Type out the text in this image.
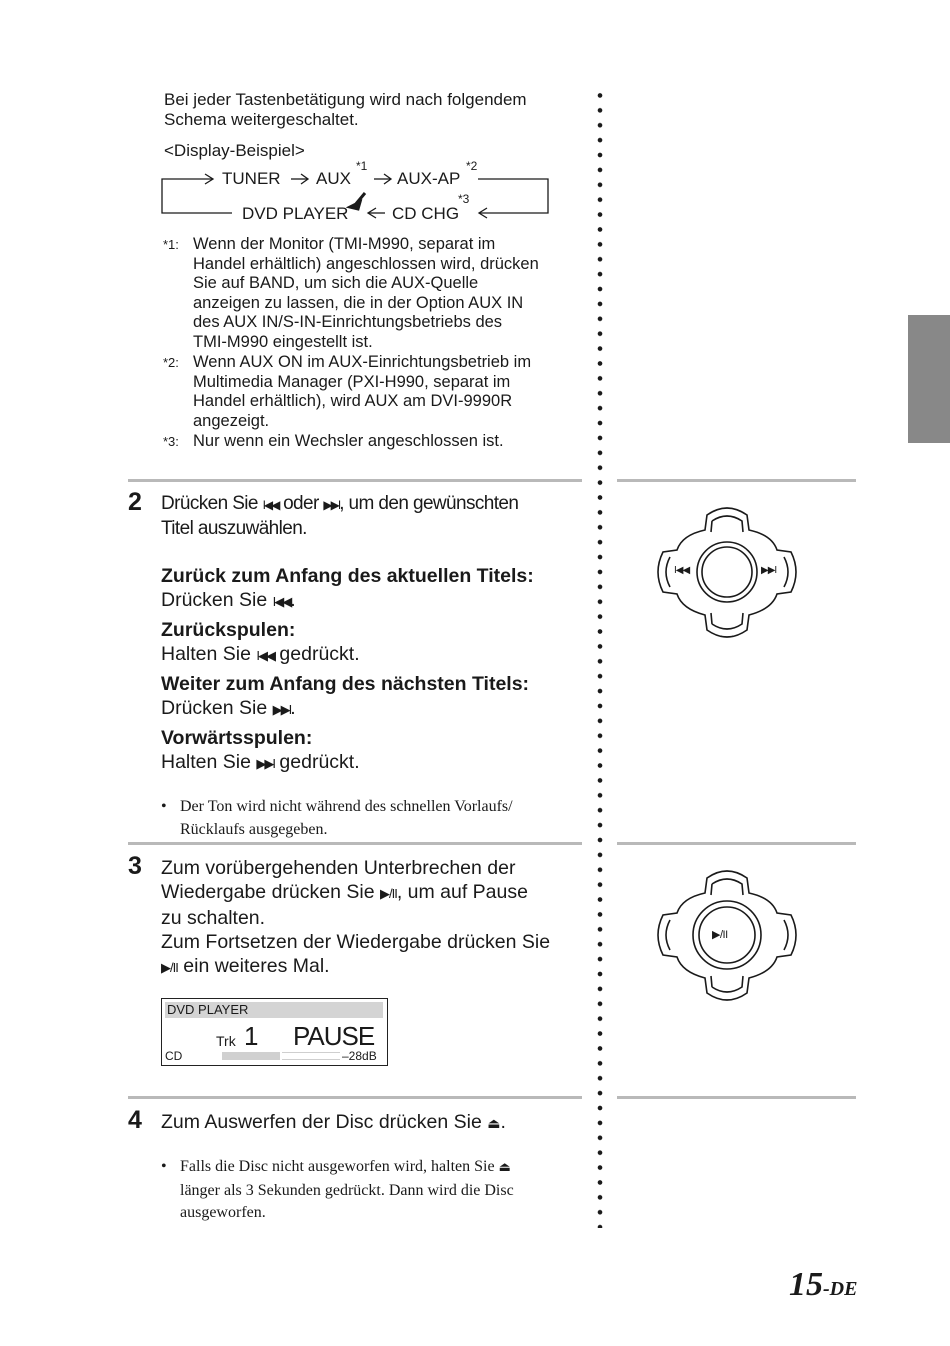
Bei jeder Tastenbetätigung wird nach folgendem

Schema weitergeschaltet.

<Display-Beispiel>

TUNER AUX
*1
AUX-AP
*2
DVD PLAYER	CD CHG
*3
*1: Wenn der Monitor (TMI-M990, separat im
Handel erhältlich) angeschlossen wird, drücken
Sie auf BAND, um sich die AUX-Quelle
anzeigen zu lassen, die in der Option AUX IN
des AUX IN/S-IN-Einrichtungsbetriebs des
TMI-M990 eingestellt ist.
*2: Wenn AUX ON im AUX-Einrichtungsbetrieb im
Multimedia Manager (PXI-H990, separat im
Handel erhältlich), wird AUX am DVI-9990R
angezeigt.
*3: Nur wenn ein Wechsler angeschlossen ist.
2 Drücken Sie I◀◀ oder ▶▶I, um den gewünschten
Titel auszuwählen.
Zurück zum Anfang des aktuellen Titels:
Drücken Sie I◀◀.
Zurückspulen:
Halten Sie I◀◀ gedrückt.
Weiter zum Anfang des nächsten Titels:
Drücken Sie ▶▶I.
Vorwärtsspulen:
Halten Sie ▶▶I gedrückt.
• Der Ton wird nicht während des schnellen Vorlaufs/
Rücklaufs ausgegeben.
3 Zum vorübergehenden Unterbrechen der
Wiedergabe drücken Sie ▶/II, um auf Pause
zu schalten.
Zum Fortsetzen der Wiedergabe drücken Sie
▶/II ein weiteres Mal.
DVD PLAYER
Trk 1 PAUSE
CD	–28dB
4 Zum Auswerfen der Disc drücken Sie ⏏.
• Falls die Disc nicht ausgeworfen wird, halten Sie ⏏
länger als 3 Sekunden gedrückt. Dann wird die Disc
ausgeworfen.
I◀◀	▶▶I
▶/II
15-DE
